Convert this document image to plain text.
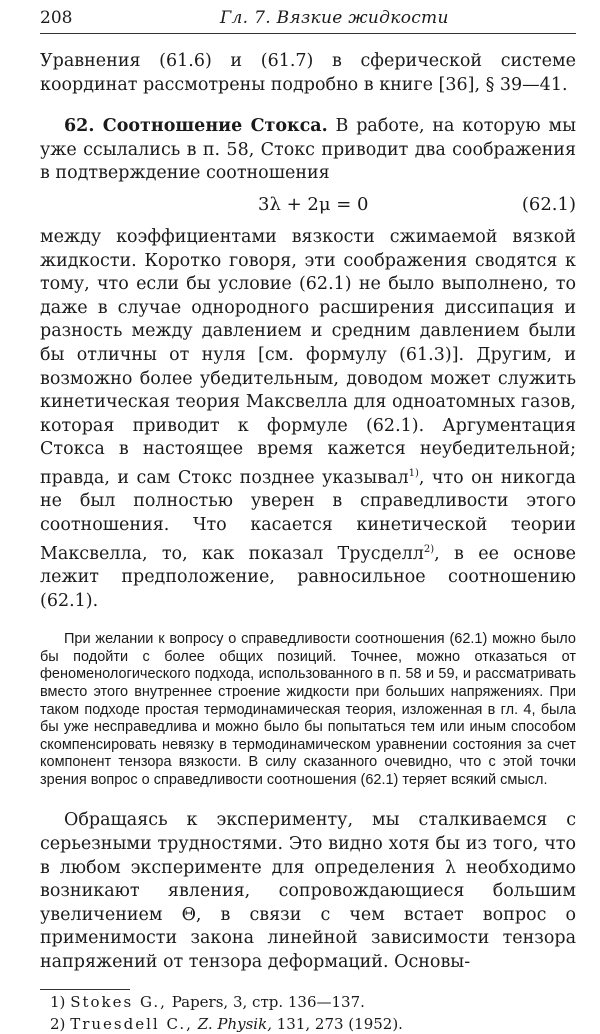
208	Гл. 7. Вязкие жидкости

Уравнения (61.6) и (61.7) в сферической системе координат рассмотрены подробно в книге [36], § 39—41.

62. Соотношение Стокса. В работе, на которую мы уже ссылались в п. 58, Стокс приводит два соображения в подтверждение соотношения

3λ + 2μ = 0	(62.1)

между коэффициентами вязкости сжимаемой вязкой жидкости. Коротко говоря, эти соображения сводятся к тому, что если бы условие (62.1) не было выполнено, то даже в случае однородного расширения диссипация и разность между давлением и средним давлением были бы отличны от нуля [см. формулу (61.3)]. Другим, и возможно более убедительным, доводом может служить кинетическая теория Максвелла для одноатомных газов, которая приводит к формуле (62.1). Аргументация Стокса в настоящее время кажется неубедительной; правда, и сам Стокс позднее указывал$^{1)}$, что он никогда не был полностью уверен в справедливости этого соотношения. Что касается кинетической теории Максвелла, то, как показал Трусделл$^{2)}$, в ее основе лежит предположение, равносильное соотношению (62.1).

При желании к вопросу о справедливости соотношения (62.1) можно было бы подойти с более общих позиций. Точнее, можно отказаться от феноменологического подхода, использованного в п. 58 и 59, и рассматривать вместо этого внутреннее строение жидкости при больших напряжениях. При таком подходе простая термодинамическая теория, изложенная в гл. 4, была бы уже несправедлива и можно было бы попытаться тем или иным способом скомпенсировать невязку в термодинамическом уравнении состояния за счет компонент тензора вязкости. В силу сказанного очевидно, что с этой точки зрения вопрос о справедливости соотношения (62.1) теряет всякий смысл.

Обращаясь к эксперименту, мы сталкиваемся с серьезными трудностями. Это видно хотя бы из того, что в любом эксперименте для определения λ необходимо возникают явления, сопровождающиеся большим увеличением Θ, в связи с чем встает вопрос о применимости закона линейной зависимости тензора напряжений от тензора деформаций. Основы-

1) Stokes G., Papers, 3, стр. 136—137.

2) Truesdell C., Z. Physik, 131, 273 (1952).
